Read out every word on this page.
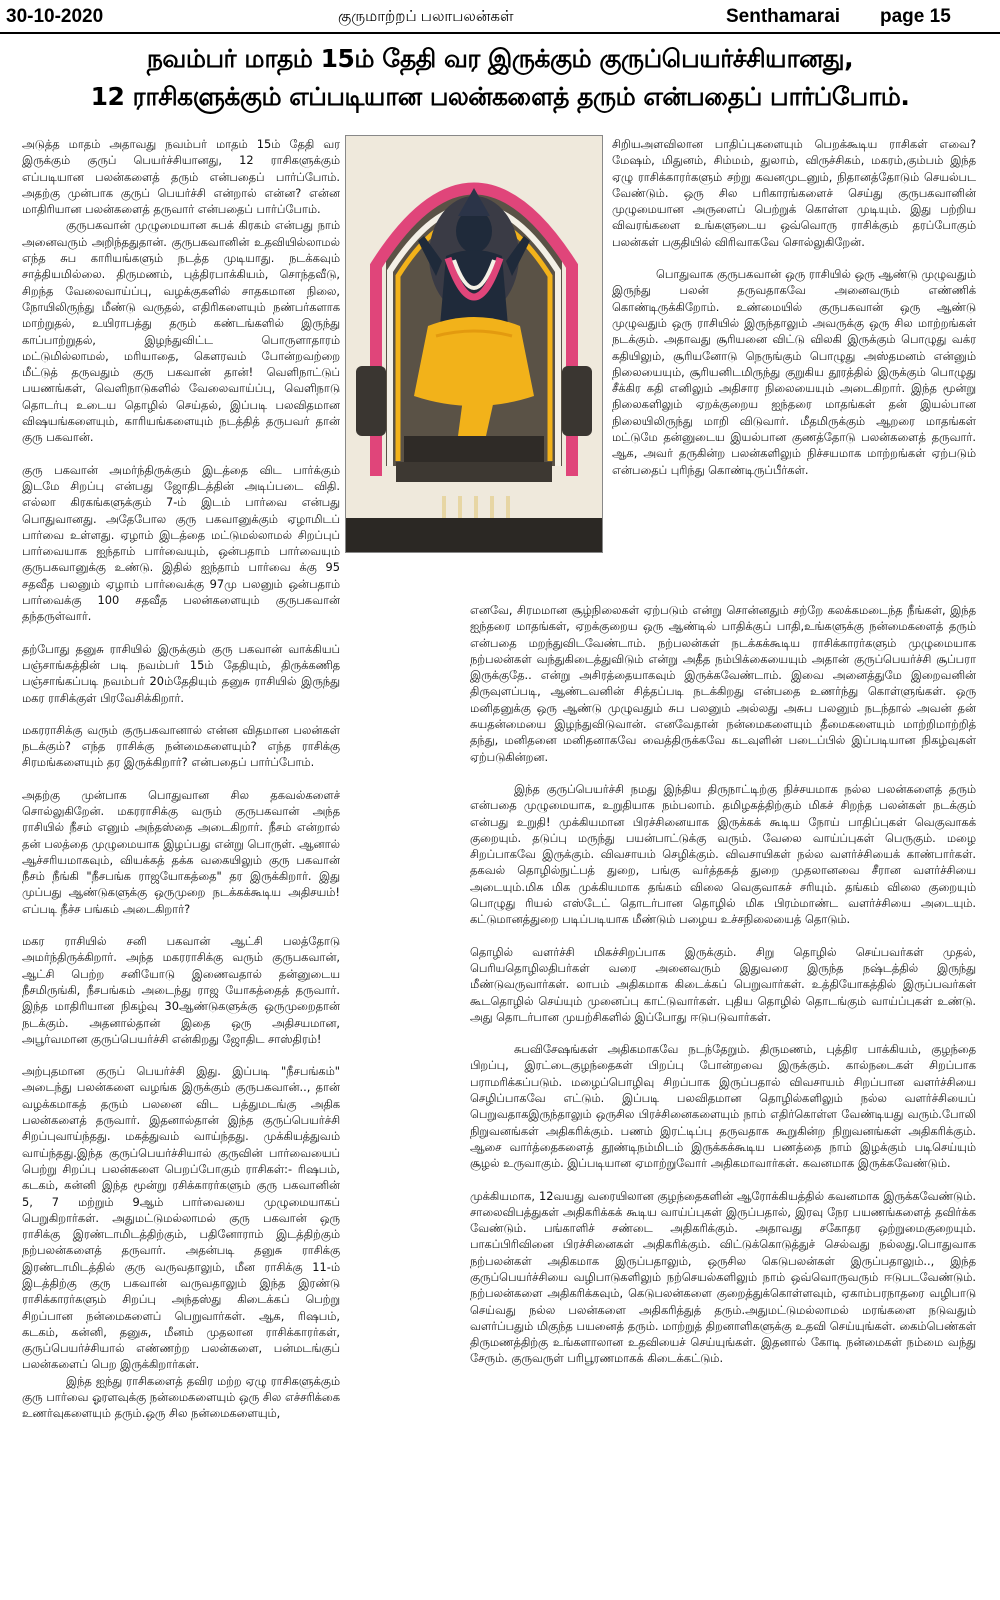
30-10-2020	குருமாற்றப் பலாபலன்கள்	Senthamarai page 15
நவம்பர் மாதம் 15ம் தேதி வர இருக்கும் குருப்பெயர்ச்சியானது,
12 ராசிகளுக்கும் எப்படியான பலன்களைத் தரும் என்பதைப் பார்ப்போம்.

அடுத்த மாதம் அதாவது நவம்பர் மாதம் 15ம் தேதி வர இருக்கும் குருப் பெயர்ச்சியானது, 12 ராசிகளுக்கும் எப்படியான பலன்களைத் தரும் என்பதைப் பார்ப்போம். அதற்கு முன்பாக குருப் பெயர்ச்சி என்றால் என்ன? என்ன மாதிரியான பலன்களைத் தருவார் என்பதைப் பார்ப்போம்.

குருபகவான் முழுமையான சுபக் கிரகம் என்பது நாம் அனைவரும் அறிந்ததுதான். குருபகவானின் உதவியில்லாமல் எந்த சுப காரியங்களும் நடத்த முடியாது. நடக்கவும் சாத்தியமில்லை. திருமணம், புத்திரபாக்கியம், சொந்தவீடு, சிறந்த வேலைவாய்ப்பு, வழக்குகளில் சாதகமான நிலை, நோயிலிருந்து மீண்டு வருதல், எதிரிகளையும் நண்பர்களாக மாற்றுதல், உயிராபத்து தரும் கண்டங்களில் இருந்து காப்பாற்றுதல், இழந்துவிட்ட பொருளாதாரம் மட்டுமில்லாமல், மரியாதை, கௌரவம் போன்றவற்றை மீட்டுத் தருவதும் குரு பகவான் தான்! வெளிநாட்டுப் பயணங்கள், வெளிநாடுகளில் வேலைவாய்ப்பு, வெளிநாடு தொடர்பு உடைய தொழில் செய்தல், இப்படி பலவிதமான விஷயங்களையும், காரியங்களையும் நடத்தித் தருபவர் தான் குரு பகவான்.

குரு பகவான் அமர்ந்திருக்கும் இடத்தை விட பார்க்கும் இடமே சிறப்பு என்பது ஜோதிடத்தின் அடிப்படை விதி. எல்லா கிரகங்களுக்கும் 7-ம் இடம் பார்வை என்பது பொதுவானது. அதேபோல குரு பகவானுக்கும் ஏழாமிடப் பார்வை உள்ளது. ஏழாம் இடத்தை மட்டுமல்லாமல் சிறப்புப் பார்வையாக ஐந்தாம் பார்வையும், ஒன்பதாம் பார்வையும் குருபகவானுக்கு உண்டு. இதில் ஐந்தாம் பார்வை க்கு 95 சதவீத பலனும் ஏழாம் பார்வைக்கு 97மு பலனும் ஒன்பதாம் பார்வைக்கு 100 சதவீத பலன்களையும் குருபகவான் தந்தருள்வார்.

தற்போது தனுசு ராசியில் இருக்கும் குரு பகவான் வாக்கியப் பஞ்சாங்கத்தின் படி நவம்பர் 15ம் தேதியும், திருக்கணித பஞ்சாங்கப்படி நவம்பர் 20ம்தேதியும் தனுசு ராசியில் இருந்து மகர ராசிக்குள் பிரவேசிக்கிறார்.

மகரராசிக்கு வரும் குருபகவானால் என்ன விதமான பலன்கள் நடக்கும்? எந்த ராசிக்கு நன்மைகளையும்? எந்த ராசிக்கு சிரமங்களையும் தர இருக்கிறார்? என்பதைப் பார்ப்போம்.

அதற்கு முன்பாக பொதுவான சில தகவல்களைச் சொல்லுகிறேன். மகரராசிக்கு வரும் குருபகவான் அந்த ராசியில் நீசம் எனும் அந்தஸ்தை அடைகிறார். நீசம் என்றால் தன் பலத்தை முழுமையாக இழப்பது என்று பொருள். ஆனால் ஆச்சரியமாகவும், வியக்கத் தக்க வகையிலும் குரு பகவான் நீசம் நீங்கி "நீசபங்க ராஜயோகத்தை" தர இருக்கிறார். இது முப்பது ஆண்டுகளுக்கு ஒருமுறை நடக்கக்கூடிய அதிசயம்! எப்படி நீச்ச பங்கம் அடைகிறார்?

மகர ராசியில் சனி பகவான் ஆட்சி பலத்தோடு அமர்ந்திருக்கிறார். அந்த மகரராசிக்கு வரும் குருபகவான், ஆட்சி பெற்ற சனியோடு இணைவதால் தன்னுடைய நீசமிருங்கி, நீசபங்கம் அடைந்து ராஜ யோகத்தைத் தருவார். இந்த மாதிரியான நிகழ்வு 30ஆண்டுகளுக்கு ஒருமுறைதான் நடக்கும். அதனால்தான் இதை ஒரு அதிசயமான, அபூர்வமான குருப்பெயர்ச்சி என்கிறது ஜோதிட சாஸ்திரம்!

அற்புதமான குருப் பெயர்ச்சி இது. இப்படி "நீசபங்கம்" அடைந்து பலன்களை வழங்க இருக்கும் குருபகவான்.., தான் வழக்கமாகத் தரும் பலனை விட பத்துமடங்கு அதிக பலன்களைத் தருவார். இதனால்தான் இந்த குருப்பெயர்ச்சி சிறப்புவாய்ந்தது. மகத்துவம் வாய்ந்தது. முக்கியத்துவம் வாய்ந்தது.இந்த குருப்பெயர்ச்சியால் குருவின் பார்வையைப் பெற்று சிறப்பு பலன்களை பெறப்போகும் ராசிகள்:- ரிஷபம், கடகம், கன்னி இந்த மூன்று ரசிக்காரர்களும் குரு பகவானின் 5, 7 மற்றும் 9ஆம் பார்வையை முழுமையாகப் பெறுகிறார்கள். அதுமட்டுமல்லாமல் குரு பகவான் ஒரு ராசிக்கு இரண்டாமிடத்திற்கும், பதினோராம் இடத்திற்கும் நற்பலன்களைத் தருவார். அதன்படி தனுசு ராசிக்கு இரண்டாமிடத்தில் குரு வருவதாலும், மீன ராசிக்கு 11-ம் இடத்திற்கு குரு பகவான் வருவதாலும் இந்த இரண்டு ராசிக்காரர்களும் சிறப்பு அந்தஸ்து கிடைக்கப் பெற்று சிறப்பான நன்மைகளைப் பெறுவார்கள். ஆக, ரிஷபம், கடகம், கன்னி, தனுசு, மீனம் முதலான ராசிக்காரர்கள், குருப்பெயர்ச்சியால் எண்ணற்ற பலன்களை, பன்மடங்குப் பலன்களைப் பெற இருக்கிறார்கள்.

இந்த ஐந்து ராசிகளைத் தவிர மற்ற ஏழு ராசிகளுக்கும் குரு பார்வை ஓரளவுக்கு நன்மைகளையும் ஒரு சில எச்சரிக்கை உணர்வுகளையும் தரும்.ஒரு சில நன்மைகளையும்,

சிறியஅளவிலான பாதிப்புகளையும் பெறக்கூடிய ராசிகள் எவை? மேஷம், மிதுனம், சிம்மம், துலாம், விருச்சிகம், மகரம்,கும்பம் இந்த ஏழு ராசிக்காரர்களும் சற்று கவனமுடனும், நிதானத்தோடும் செயல்பட வேண்டும். ஒரு சில பரிகாரங்களைச் செய்து குருபகவானின் முழுமையான அருளைப் பெற்றுக் கொள்ள முடியும். இது பற்றிய விவரங்களை உங்களுடைய ஒவ்வொரு ராசிக்கும் தரப்போகும் பலன்கள் பகுதியில் விரிவாகவே சொல்லுகிறேன்.

பொதுவாக குருபகவான் ஒரு ராசியில் ஒரு ஆண்டு முழுவதும் இருந்து பலன் தருவதாகவே அனைவரும் எண்ணிக் கொண்டிருக்கிறோம். உண்மையில் குருபகவான் ஒரு ஆண்டு முழுவதும் ஒரு ராசியில் இருந்தாலும் அவருக்கு ஒரு சில மாற்றங்கள் நடக்கும். அதாவது சூரியனை விட்டு விலகி இருக்கும் பொழுது வக்ர கதியிலும், சூரியனோடு நெருங்கும் பொழுது அஸ்தமனம் என்னும் நிலையையும், சூரியனிடமிருந்து குறுகிய தூரத்தில் இருக்கும் பொழுது சீக்கிர கதி எனிலும் அதிசார நிலையையும் அடைகிறார். இந்த மூன்று நிலைகளிலும் ஏறக்குறைய ஐந்தரை மாதங்கள் தன் இயல்பான நிலையிலிருந்து மாறி விடுவார். மீதமிருக்கும் ஆறரை மாதங்கள் மட்டுமே தன்னுடைய இயல்பான குணத்தோடு பலன்களைத் தருவார். ஆக, அவர் தருகின்ற பலன்களிலும் நிச்சயமாக மாற்றங்கள் ஏற்படும் என்பதைப் புரிந்து கொண்டிருப்பீர்கள்.

எனவே, சிரமமான சூழ்நிலைகள் ஏற்படும் என்று சொன்னதும் சற்றே கலக்கமடைந்த நீங்கள், இந்த ஐந்தரை மாதங்கள், ஏறக்குறைய ஒரு ஆண்டில் பாதிக்குப் பாதி,உங்களுக்கு நன்மைகளைத் தரும் என்பதை மறந்துவிடவேண்டாம். நற்பலன்கள் நடக்கக்கூடிய ராசிக்காரர்களும் முழுமையாக நற்பலன்கள் வந்துகிடைத்துவிடும் என்று அதீத நம்பிக்கையையும் அதான் குருப்பெயர்ச்சி சூப்பரா இருக்குதே.. என்று அசிரத்தையாகவும் இருக்கவேண்டாம். இவை அனைத்துமே இறைவனின் திருவுளப்படி, ஆண்டவனின் சித்தப்படி நடக்கிறது என்பதை உணர்ந்து கொள்ளுங்கள். ஒரு மனிதனுக்கு ஒரு ஆண்டு முழுவதும் சுப பலனும் அல்லது அசுப பலனும் நடந்தால் அவன் தன் சுயதன்மையை இழந்துவிடுவான். எனவேதான் நன்மைகளையும் தீமைகளையும் மாற்றிமாற்றித் தந்து, மனிதனை மனிதனாகவே வைத்திருக்கவே கடவுளின் படைப்பில் இப்படியான நிகழ்வுகள் ஏற்படுகின்றன.

இந்த குருப்பெயர்ச்சி நமது இந்திய திருநாட்டிற்கு நிச்சயமாக நல்ல பலன்களைத் தரும் என்பதை முழுமையாக, உறுதியாக நம்பலாம். தமிழகத்திற்கும் மிகச் சிறந்த பலன்கள் நடக்கும் என்பது உறுதி! முக்கியமான பிரச்சினையாக இருக்கக் கூடிய நோய் பாதிப்புகள் வெகுவாகக் குறையும். தடுப்பு மருந்து பயன்பாட்டுக்கு வரும். வேலை வாய்ப்புகள் பெருகும். மழை சிறப்பாகவே இருக்கும். விவசாயம் செழிக்கும். விவசாயிகள் நல்ல வளர்ச்சியைக் காண்பார்கள். தகவல் தொழில்நுட்பத் துறை, பங்கு வர்த்தகத் துறை முதலானவை சீரான வளர்ச்சியை அடையும்.மிக மிக முக்கியமாக தங்கம் விலை வெகுவாகச் சரியும். தங்கம் விலை குறையும் பொழுது ரியல் எஸ்டேட் தொடர்பான தொழில் மிக பிரம்மாண்ட வளர்ச்சியை அடையும். கட்டுமானத்துறை படிப்படியாக மீண்டும் பழைய உச்சநிலையைத் தொடும்.

தொழில் வளர்ச்சி மிகச்சிறப்பாக இருக்கும். சிறு தொழில் செய்பவர்கள் முதல், பெரியதொழிலதிபர்கள் வரை அனைவரும் இதுவரை இருந்த நஷ்டத்தில் இருந்து மீண்டுவருவார்கள். லாபம் அதிகமாக கிடைக்கப் பெறுவார்கள். உத்தியோகத்தில் இருப்பவர்கள் கூடதொழில் செய்யும் முனைப்பு காட்டுவார்கள். புதிய தொழில் தொடங்கும் வாய்ப்புகள் உண்டு. அது தொடர்பான முயற்சிகளில் இப்போது ஈடுபடுவார்கள்.

சுபவிசேஷங்கள் அதிகமாகவே நடந்தேறும். திருமணம், புத்திர பாக்கியம், குழந்தை பிறப்பு, இரட்டைகுழந்தைகள் பிறப்பு போன்றவை இருக்கும். கால்நடைகள் சிறப்பாக பராமரிக்கப்படும். மழைப்பொழிவு சிறப்பாக இருப்பதால் விவசாயம் சிறப்பான வளர்ச்சியை செழிப்பாகவே எட்டும். இப்படி பலவிதமான தொழில்களிலும் நல்ல வளர்ச்சியைப் பெறுவதாகஇருந்தாலும் ஒருசில பிரச்சினைகளையும் நாம் எதிர்கொள்ள வேண்டியது வரும்.போலி நிறுவனங்கள் அதிகரிக்கும். பணம் இரட்டிப்பு தருவதாக கூறுகின்ற நிறுவனங்கள் அதிகரிக்கும். ஆசை வார்த்தைகளைத் தூண்டிநம்மிடம் இருக்கக்கூடிய பணத்தை நாம் இழக்கும் படிசெய்யும் சூழல் உருவாகும். இப்படியான ஏமாற்றுவோர் அதிகமாவார்கள். கவனமாக இருக்கவேண்டும்.

முக்கியமாக, 12வயது வரையிலான குழந்தைகளின் ஆரோக்கியத்தில் கவனமாக இருக்கவேண்டும். சாலைவிபத்துகள் அதிகரிக்கக் கூடிய வாய்ப்புகள் இருப்பதால், இரவு நேர பயணங்களைத் தவிர்க்க வேண்டும். பங்காளிச் சண்டை அதிகரிக்கும். அதாவது சகோதர ஒற்றுமைகுறையும். பாகப்பிரிவினை பிரச்சினைகள் அதிகரிக்கும். விட்டுக்கொடுத்துச் செல்வது நல்லது.பொதுவாக நற்பலன்கள் அதிகமாக இருப்பதாலும், ஒருசில கெடுபலன்கள் இருப்பதாலும்.., இந்த குருப்பெயர்ச்சியை வழிபாடுகளிலும் நற்செயல்களிலும் நாம் ஒவ்வொருவரும் ஈடுபடவேண்டும். நற்பலன்களை அதிகரிக்கவும், கெடுபலன்களை குறைத்துக்கொள்ளவும், ஏகாம்பரநாதரை வழிபாடு செய்வது நல்ல பலன்களை அதிகரித்துத் தரும்.அதுமட்டுமல்லாமல் மரங்களை நடுவதும் வளர்ப்பதும் மிகுந்த பயனைத் தரும். மாற்றுத் திறனாளிகளுக்கு உதவி செய்யுங்கள். கைம்பெண்கள் திருமணத்திற்கு உங்களாலான உதவியைச் செய்யுங்கள். இதனால் கோடி நன்மைகள் நம்மை வந்து சேரும். குருவருள் பரிபூரணமாகக் கிடைக்கட்டும்.
